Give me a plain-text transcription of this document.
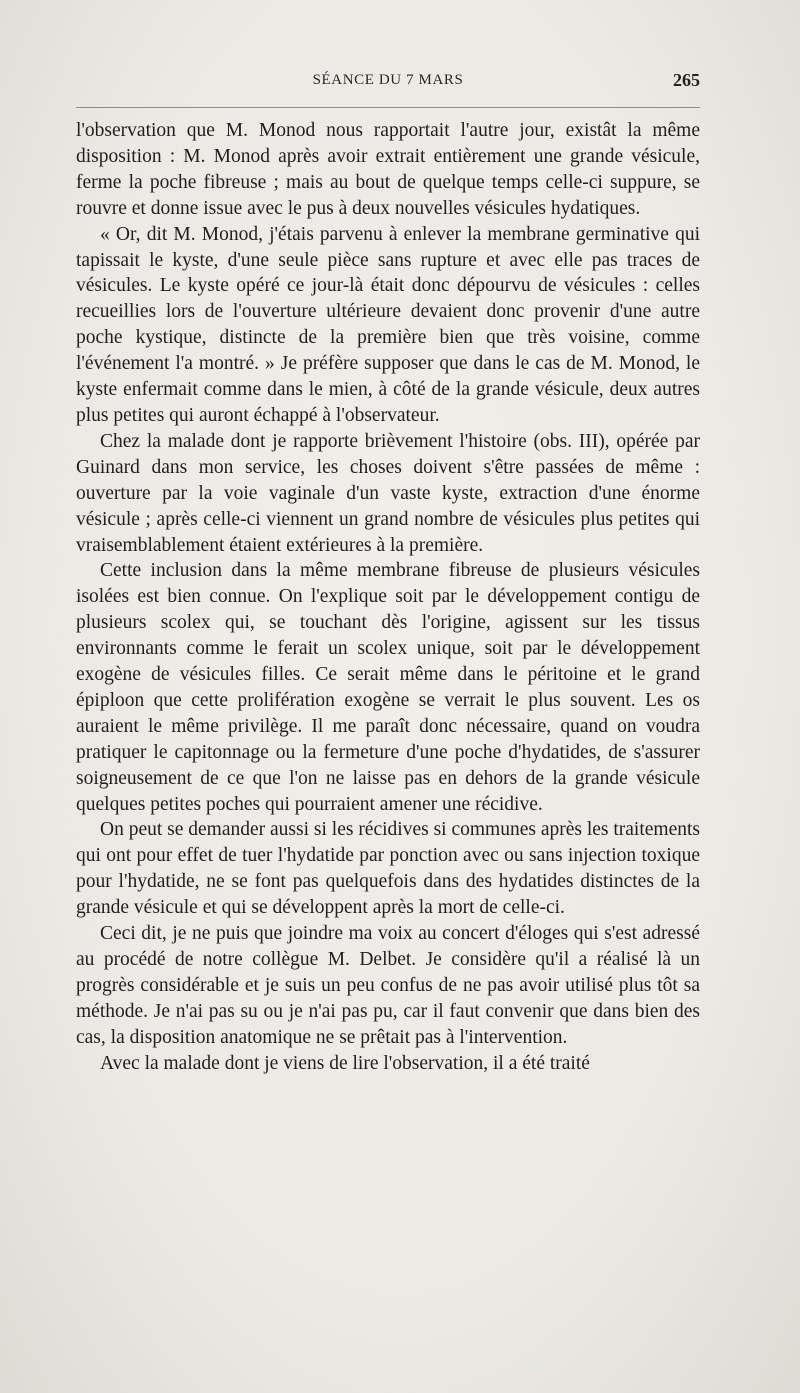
SÉANCE DU 7 MARS	265

l'observation que M. Monod nous rapportait l'autre jour, existât la même disposition : M. Monod après avoir extrait entièrement une grande vésicule, ferme la poche fibreuse ; mais au bout de quelque temps celle-ci suppure, se rouvre et donne issue avec le pus à deux nouvelles vésicules hydatiques.

« Or, dit M. Monod, j'étais parvenu à enlever la membrane germinative qui tapissait le kyste, d'une seule pièce sans rupture et avec elle pas traces de vésicules. Le kyste opéré ce jour-là était donc dépourvu de vésicules : celles recueillies lors de l'ouverture ultérieure devaient donc provenir d'une autre poche kystique, distincte de la première bien que très voisine, comme l'événement l'a montré. » Je préfère supposer que dans le cas de M. Monod, le kyste enfermait comme dans le mien, à côté de la grande vésicule, deux autres plus petites qui auront échappé à l'observateur.

Chez la malade dont je rapporte brièvement l'histoire (obs. III), opérée par Guinard dans mon service, les choses doivent s'être passées de même : ouverture par la voie vaginale d'un vaste kyste, extraction d'une énorme vésicule ; après celle-ci viennent un grand nombre de vésicules plus petites qui vraisemblablement étaient extérieures à la première.

Cette inclusion dans la même membrane fibreuse de plusieurs vésicules isolées est bien connue. On l'explique soit par le développement contigu de plusieurs scolex qui, se touchant dès l'origine, agissent sur les tissus environnants comme le ferait un scolex unique, soit par le développement exogène de vésicules filles. Ce serait même dans le péritoine et le grand épiploon que cette prolifération exogène se verrait le plus souvent. Les os auraient le même privilège. Il me paraît donc nécessaire, quand on voudra pratiquer le capitonnage ou la fermeture d'une poche d'hydatides, de s'assurer soigneusement de ce que l'on ne laisse pas en dehors de la grande vésicule quelques petites poches qui pourraient amener une récidive.

On peut se demander aussi si les récidives si communes après les traitements qui ont pour effet de tuer l'hydatide par ponction avec ou sans injection toxique pour l'hydatide, ne se font pas quelquefois dans des hydatides distinctes de la grande vésicule et qui se développent après la mort de celle-ci.

Ceci dit, je ne puis que joindre ma voix au concert d'éloges qui s'est adressé au procédé de notre collègue M. Delbet. Je considère qu'il a réalisé là un progrès considérable et je suis un peu confus de ne pas avoir utilisé plus tôt sa méthode. Je n'ai pas su ou je n'ai pas pu, car il faut convenir que dans bien des cas, la disposition anatomique ne se prêtait pas à l'intervention.

Avec la malade dont je viens de lire l'observation, il a été traité
